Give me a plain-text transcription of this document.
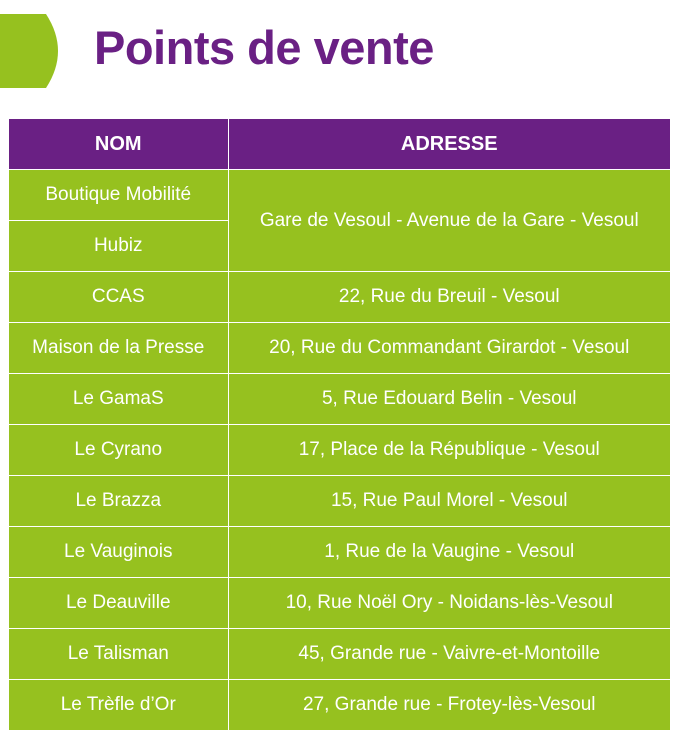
Points de vente
NOM	ADRESSE
Boutique Mobilité	Gare de Vesoul - Avenue de la Gare - Vesoul
Hubiz	
CCAS	22, Rue du Breuil - Vesoul
Maison de la Presse	20, Rue du Commandant Girardot - Vesoul
Le GamaS	5, Rue Edouard Belin - Vesoul
Le Cyrano	17, Place de la République - Vesoul
Le Brazza	15, Rue Paul Morel - Vesoul
Le Vauginois	1, Rue de la Vaugine - Vesoul
Le Deauville	10, Rue Noël Ory - Noidans-lès-Vesoul
Le Talisman	45, Grande rue - Vaivre-et-Montoille
Le Trèfle d’Or	27, Grande rue - Frotey-lès-Vesoul
